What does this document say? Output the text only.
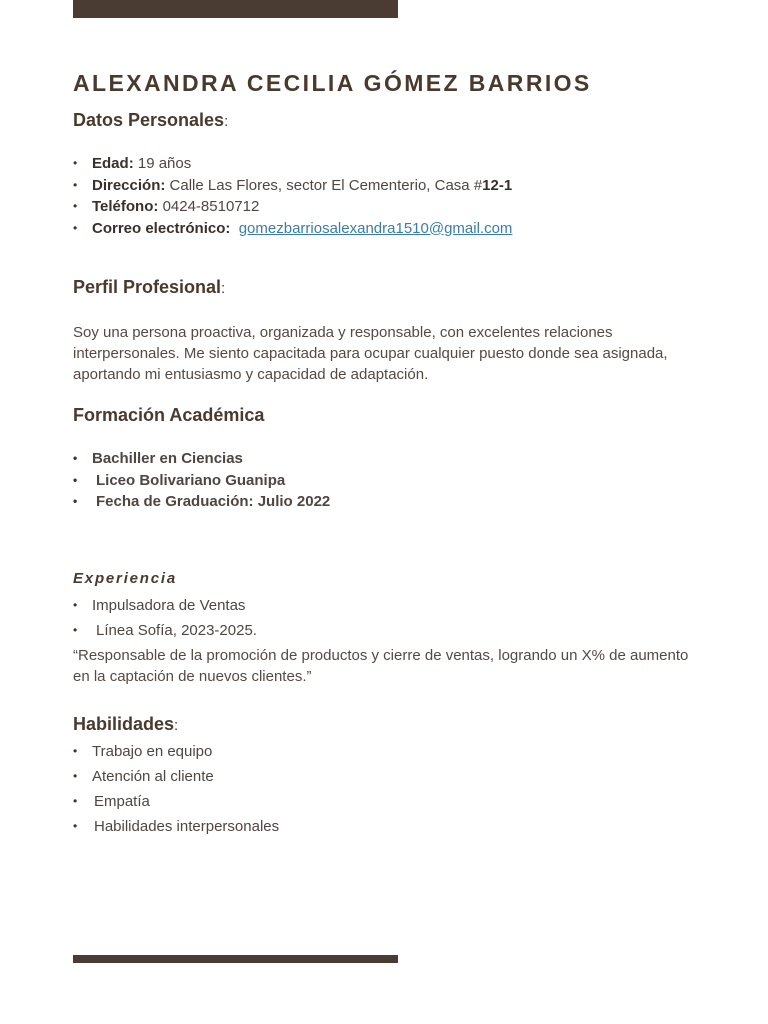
ALEXANDRA CECILIA GÓMEZ BARRIOS
Datos Personales:
• Edad: 19 años
• Dirección: Calle Las Flores, sector El Cementerio, Casa #12-1
• Teléfono: 0424-8510712
• Correo electrónico: gomezbarriosalexandra1510@gmail.com
Perfil Profesional:

Soy una persona proactiva, organizada y responsable, con excelentes relaciones interpersonales. Me siento capacitada para ocupar cualquier puesto donde sea asignada, aportando mi entusiasmo y capacidad de adaptación.

Formación Académica
• Bachiller en Ciencias
• Liceo Bolivariano Guanipa
• Fecha de Graduación: Julio 2022
Experiencia
• Impulsadora de Ventas
• Línea Sofía, 2023-2025.

“Responsable de la promoción de productos y cierre de ventas, logrando un X% de aumento en la captación de nuevos clientes.”

Habilidades:
• Trabajo en equipo
• Atención al cliente
• Empatía
• Habilidades interpersonales
